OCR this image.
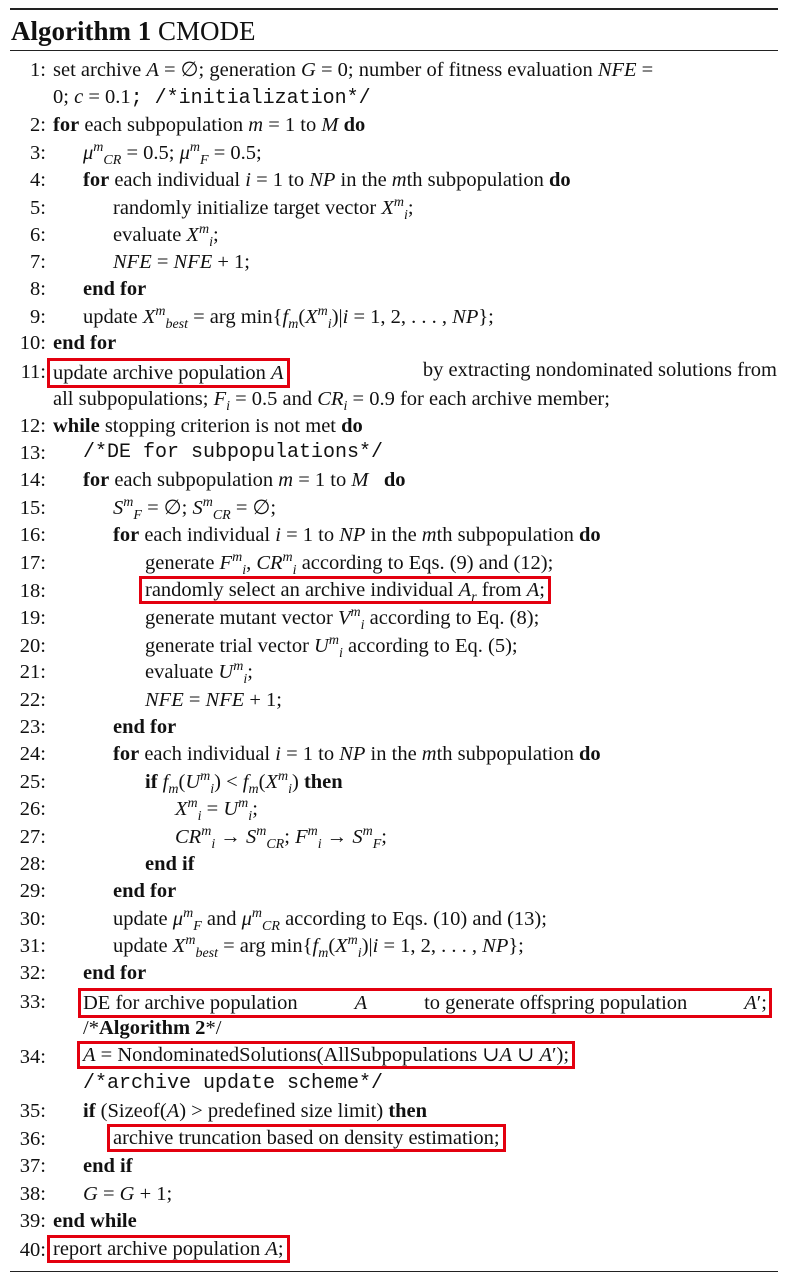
Algorithm 1 CMODE
1: set archive A = ∅; generation G = 0; number of fitness evaluation NFE =
0; c = 0.1; /*initialization*/
2: for each subpopulation m = 1 to M do
3: $\mu^m_{CR} = 0.5$; $\mu^m_F = 0.5$;
4: for each individual i = 1 to NP in the mth subpopulation do
5:	randomly initialize target vector $X^m_i$;
6:	evaluate $X^m_i$;
7:	NFE = NFE + 1;
8: end for
9: update $X^m_{best}$ = arg $\min\{f_m(X^m_i)|i = 1$, 2, . . . , NP};
10: end for
11: update archive population A	by extracting nondominated solutions from
all subpopulations; $F_i = 0.5$ and $CR_i = 0.9$ for each archive member;
12: while stopping criterion is not met do
13: /*DE for subpopulations*/
14: for each subpopulation m = 1 to M do
15:	$S^m_F$ = ∅; $S^m_{CR}$ = ∅;
16:	for each individual i = 1 to NP in the mth subpopulation do
17:	generate $F^m_i$, $CR^m_i$ according to Eqs. (9) and (12);
18:	randomly select an archive individual $A_r$ from A;
19:	generate mutant vector $V^m_i$ according to Eq. (8);
20:	generate trial vector $U^m_i$ according to Eq. (5);
21:	evaluate $U^m_i$;
22:	NFE = NFE + 1;
23:	end for
24:	for each individual i = 1 to NP in the mth subpopulation do
25:	if $f_m(U^m_i) < f_m(X^m_i)$ then
26:	$X^m_i = U^m_i$;
27:	$CR^m_i \to S^m_{CR}$; $F^m_i \to S^m_F$;
28:	end if
29:	end for
30:	update $\mu^m_F$ and $\mu^m_{CR}$ according to Eqs. (10) and (13);
31:	update $X^m_{best}$ = arg $\min\{f_m(X^m_i)|i = 1$, 2, . . . , NP};
32: end for
33: DE for archive population	A	to generate offspring population	A′;
/*Algorithm 2*/
34: A = NondominatedSolutions(AllSubpopulations ∪A ∪ A′);
/*archive update scheme*/
35: if (Sizeof(A) > predefined size limit) then
36:	archive truncation based on density estimation;
37: end if
38: G = G + 1;
39: end while
40: report archive population A;
